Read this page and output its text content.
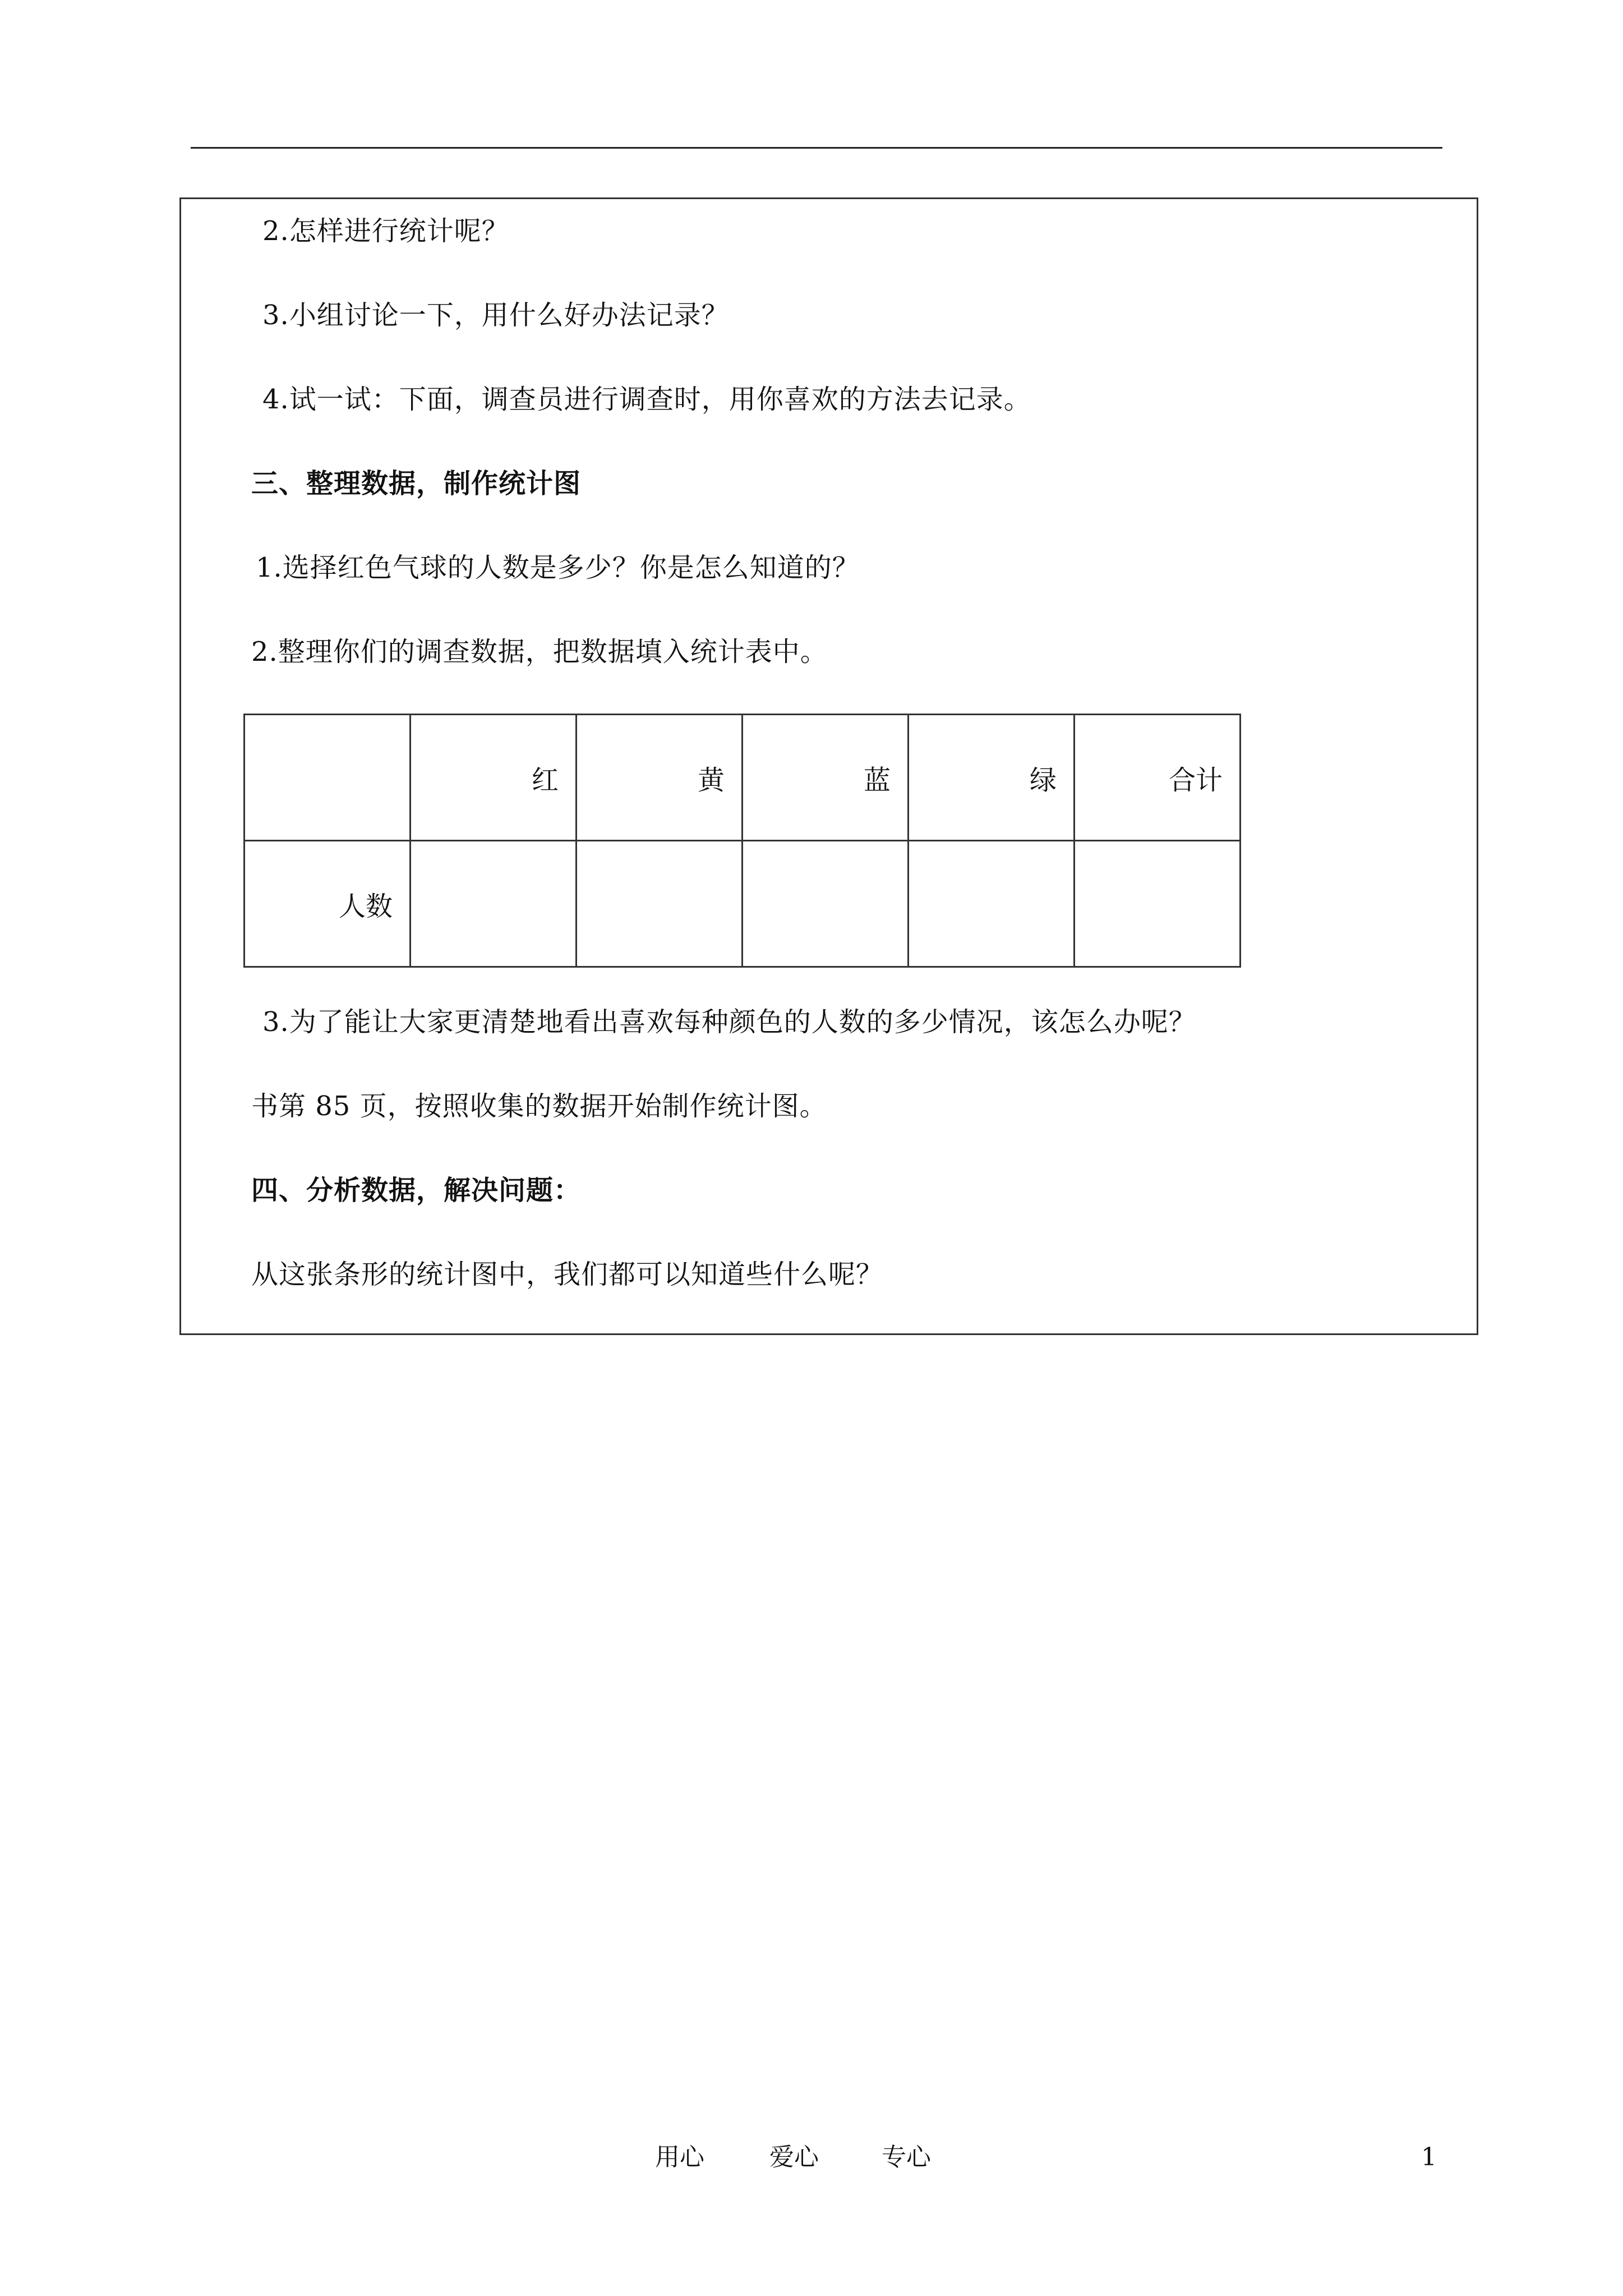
2.怎样进行统计呢？
3.小组讨论一下，用什么好办法记录？
4.试一试：下面，调查员进行调查时，用你喜欢的方法去记录。
三、整理数据，制作统计图
1.选择红色气球的人数是多少？你是怎么知道的？
2.整理你们的调查数据，把数据填入统计表中。
	红	黄	蓝	绿	合计
人数					
3.为了能让大家更清楚地看出喜欢每种颜色的人数的多少情况，该怎么办呢？
书第 85 页，按照收集的数据开始制作统计图。
四、分析数据，解决问题：
从这张条形的统计图中，我们都可以知道些什么呢？
用心	爱心	专心	1
